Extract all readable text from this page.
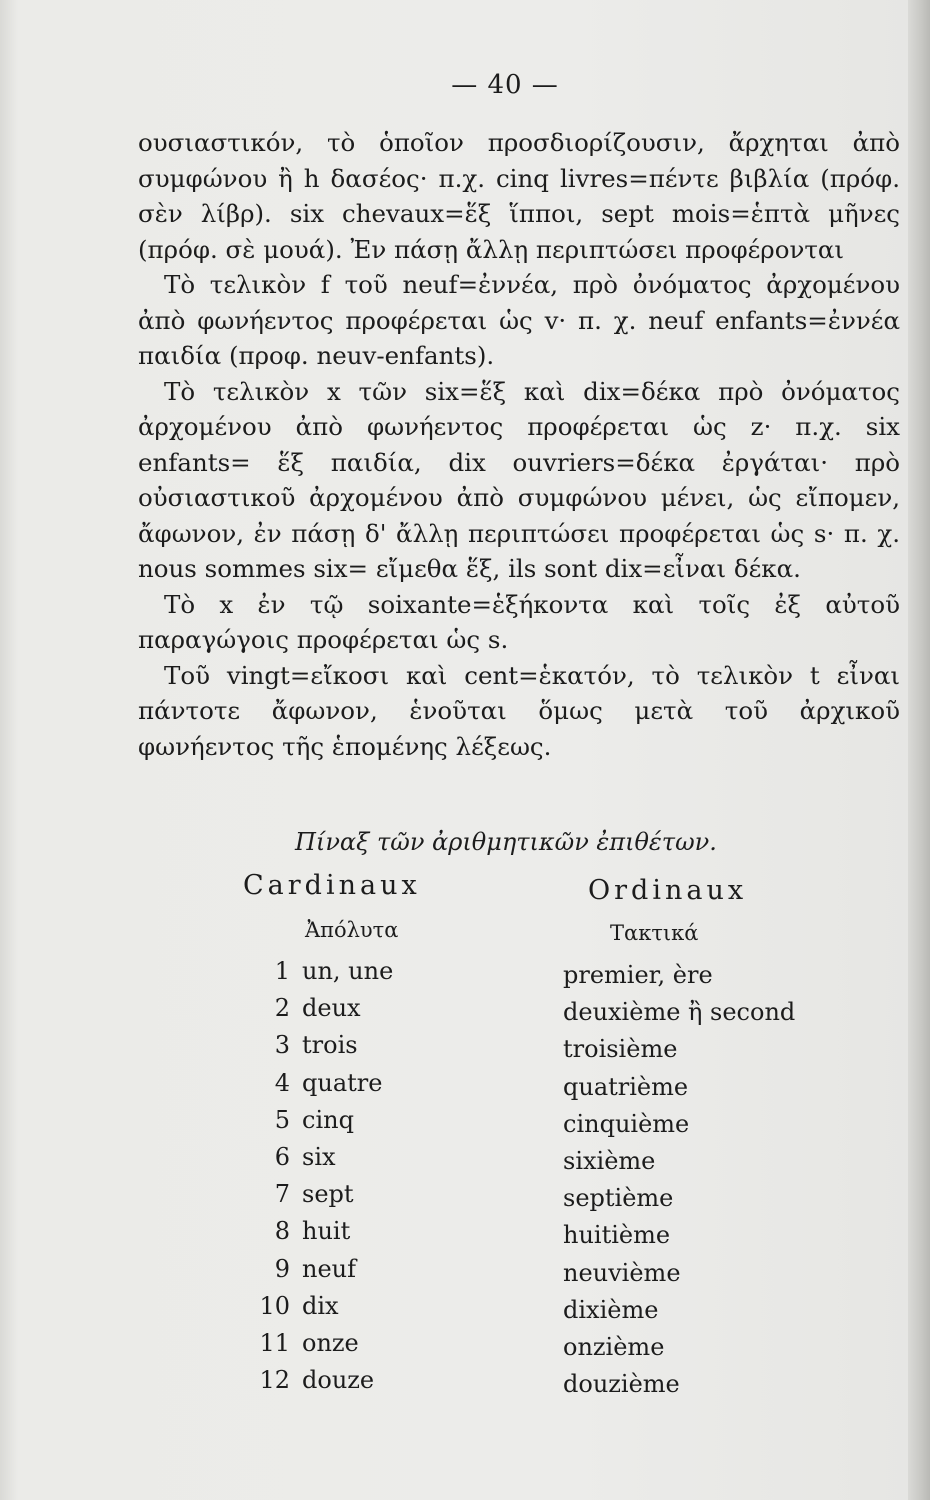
— 40 —

ουσιαστικόν, τὸ ὁποῖον προσδιορίζουσιν, ἄρχηται ἀπὸ συμφώνου ἢ h δασέος· π.χ. cinq livres=πέντε βιβλία (πρόφ. σὲν λίβρ). six chevaux=ἕξ ἵπποι, sept mois=ἑπτὰ μῆνες (πρόφ. σὲ μουά). Ἐν πάσῃ ἄλλῃ περιπτώσει προφέρονται

Τὸ τελικὸν f τοῦ neuf=ἐννέα, πρὸ ὀνόματος ἀρχομένου ἀπὸ φωνήεντος προφέρεται ὡς v· π. χ. neuf enfants=ἐννέα παιδία (προφ. neuv-enfants).

Τὸ τελικὸν x τῶν six=ἕξ καὶ dix=δέκα πρὸ ὀνόματος ἀρχομένου ἀπὸ φωνήεντος προφέρεται ὡς z· π.χ. six enfants= ἕξ παιδία, dix ouvriers=δέκα ἐργάται· πρὸ οὐσιαστικοῦ ἀρχομένου ἀπὸ συμφώνου μένει, ὡς εἴπομεν, ἄφωνον, ἐν πάσῃ δ' ἄλλῃ περιπτώσει προφέρεται ὡς s· π. χ. nous sommes six= εἴμεθα ἕξ, ils sont dix=εἶναι δέκα.

Τὸ x ἐν τῷ soixante=ἑξήκοντα καὶ τοῖς ἐξ αὐτοῦ παραγώγοις προφέρεται ὡς s.

Τοῦ vingt=εἴκοσι καὶ cent=ἑκατόν, τὸ τελικὸν t εἶναι πάντοτε ἄφωνον, ἑνοῦται ὅμως μετὰ τοῦ ἀρχικοῦ φωνήεντος τῆς ἑπομένης λέξεως.

Πίναξ τῶν ἀριθμητικῶν ἐπιθέτων.
Cardinaux	Ordinaux
Ἀπόλυτα	Τακτικά
1 un, une
2 deux
3 trois
4 quatre
5 cinq
6 six
7 sept
8 huit
9 neuf
10 dix
11 onze
12 douze
premier, ère
deuxième ἢ second
troisième
quatrième
cinquième
sixième
septième
huitième
neuvième
dixième
onzième
douzième
